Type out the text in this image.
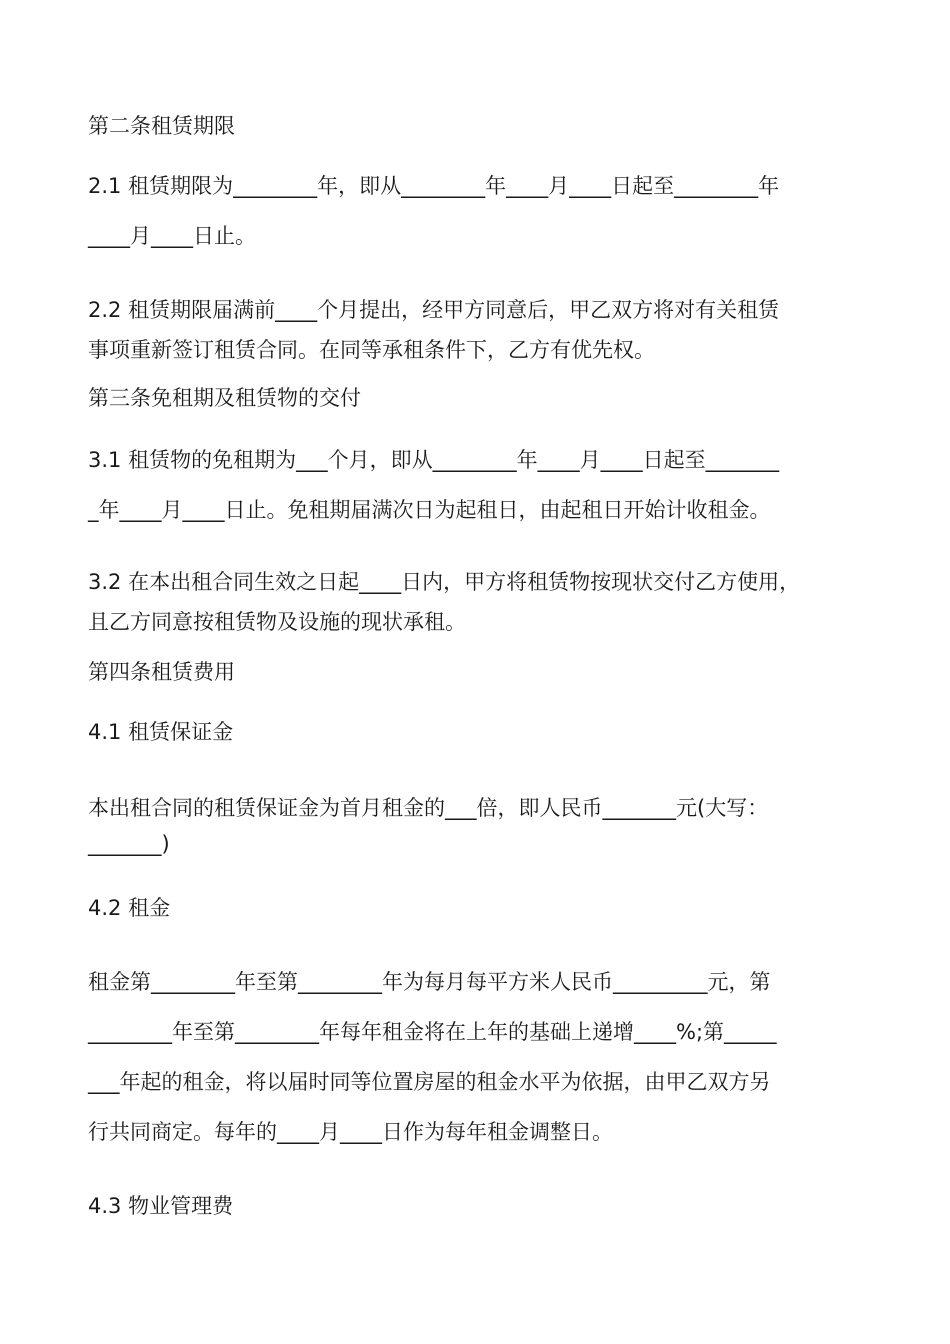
第二条租赁期限
2.1 租赁期限为________年，即从________年____月____日起至________年
____月____日止。
2.2 租赁期限届满前____个月提出，经甲方同意后，甲乙双方将对有关租赁
事项重新签订租赁合同。在同等承租条件下，乙方有优先权。
第三条免租期及租赁物的交付
3.1 租赁物的免租期为___个月，即从________年____月____日起至_______
_年____月____日止。免租期届满次日为起租日，由起租日开始计收租金。
3.2 在本出租合同生效之日起____日内，甲方将租赁物按现状交付乙方使用，
且乙方同意按租赁物及设施的现状承租。
第四条租赁费用
4.1 租赁保证金
本出租合同的租赁保证金为首月租金的___倍，即人民币_______元(大写：
_______)
4.2 租金
租金第________年至第________年为每月每平方米人民币_________元，第
________年至第________年每年租金将在上年的基础上递增____%;第_____
___年起的租金，将以届时同等位置房屋的租金水平为依据，由甲乙双方另
行共同商定。每年的____月____日作为每年租金调整日。
4.3 物业管理费
